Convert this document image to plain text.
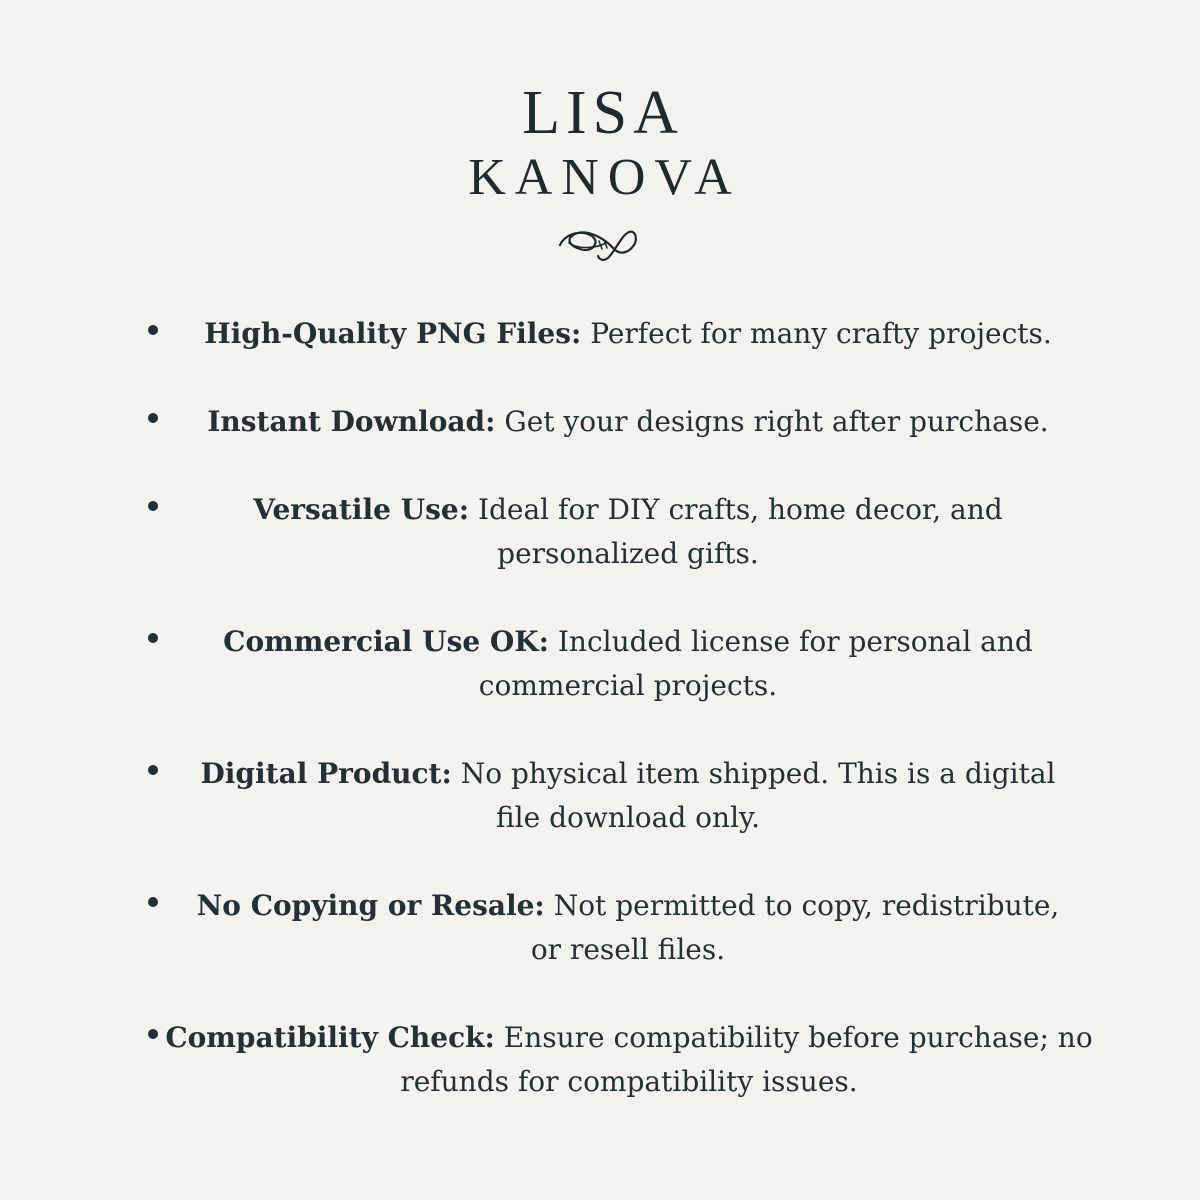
LISA
KANOVA
High-Quality PNG Files: Perfect for many crafty projects.
Instant Download: Get your designs right after purchase.
Versatile Use: Ideal for DIY crafts, home decor, and personalized gifts.
Commercial Use OK: Included license for personal and commercial projects.
Digital Product: No physical item shipped. This is a digital file download only.
No Copying or Resale: Not permitted to copy, redistribute, or resell files.
Compatibility Check: Ensure compatibility before purchase; no refunds for compatibility issues.
